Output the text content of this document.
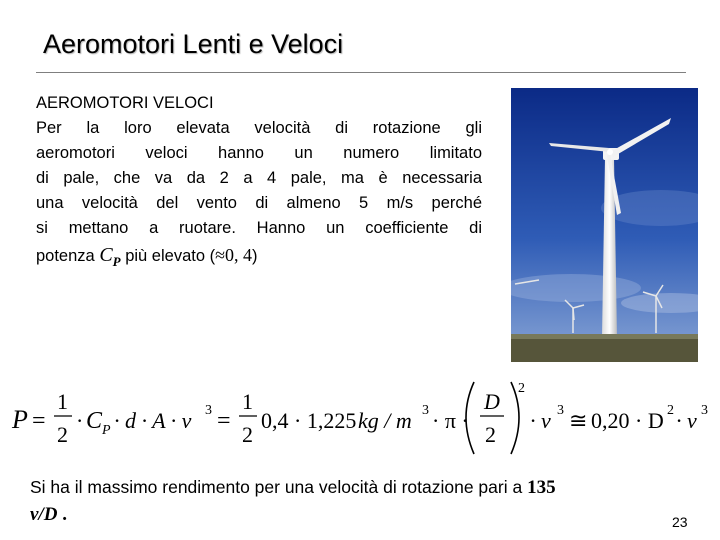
Aeromotori Lenti e Veloci
AEROMOTORI VELOCI
Per la loro elevata velocità di rotazione gli
aeromotori veloci hanno un numero limitato
di pale, che va da 2 a 4 pale, ma è necessaria
una velocità del vento di almeno 5 m/s perché
si mettano a ruotare. Hanno un coefficiente di
potenza $C_P$ più elevato (≈0, 4)
P =
1
2
· C P · d · A · v 3 =
1
2
0,4 · 1,225 kg / m 3 · π ·
D
2
2
· v 3 ≅ 0,20 · D 2 · v 3
Si ha il massimo rendimento per una velocità di rotazione pari a 135
v/D .	23
